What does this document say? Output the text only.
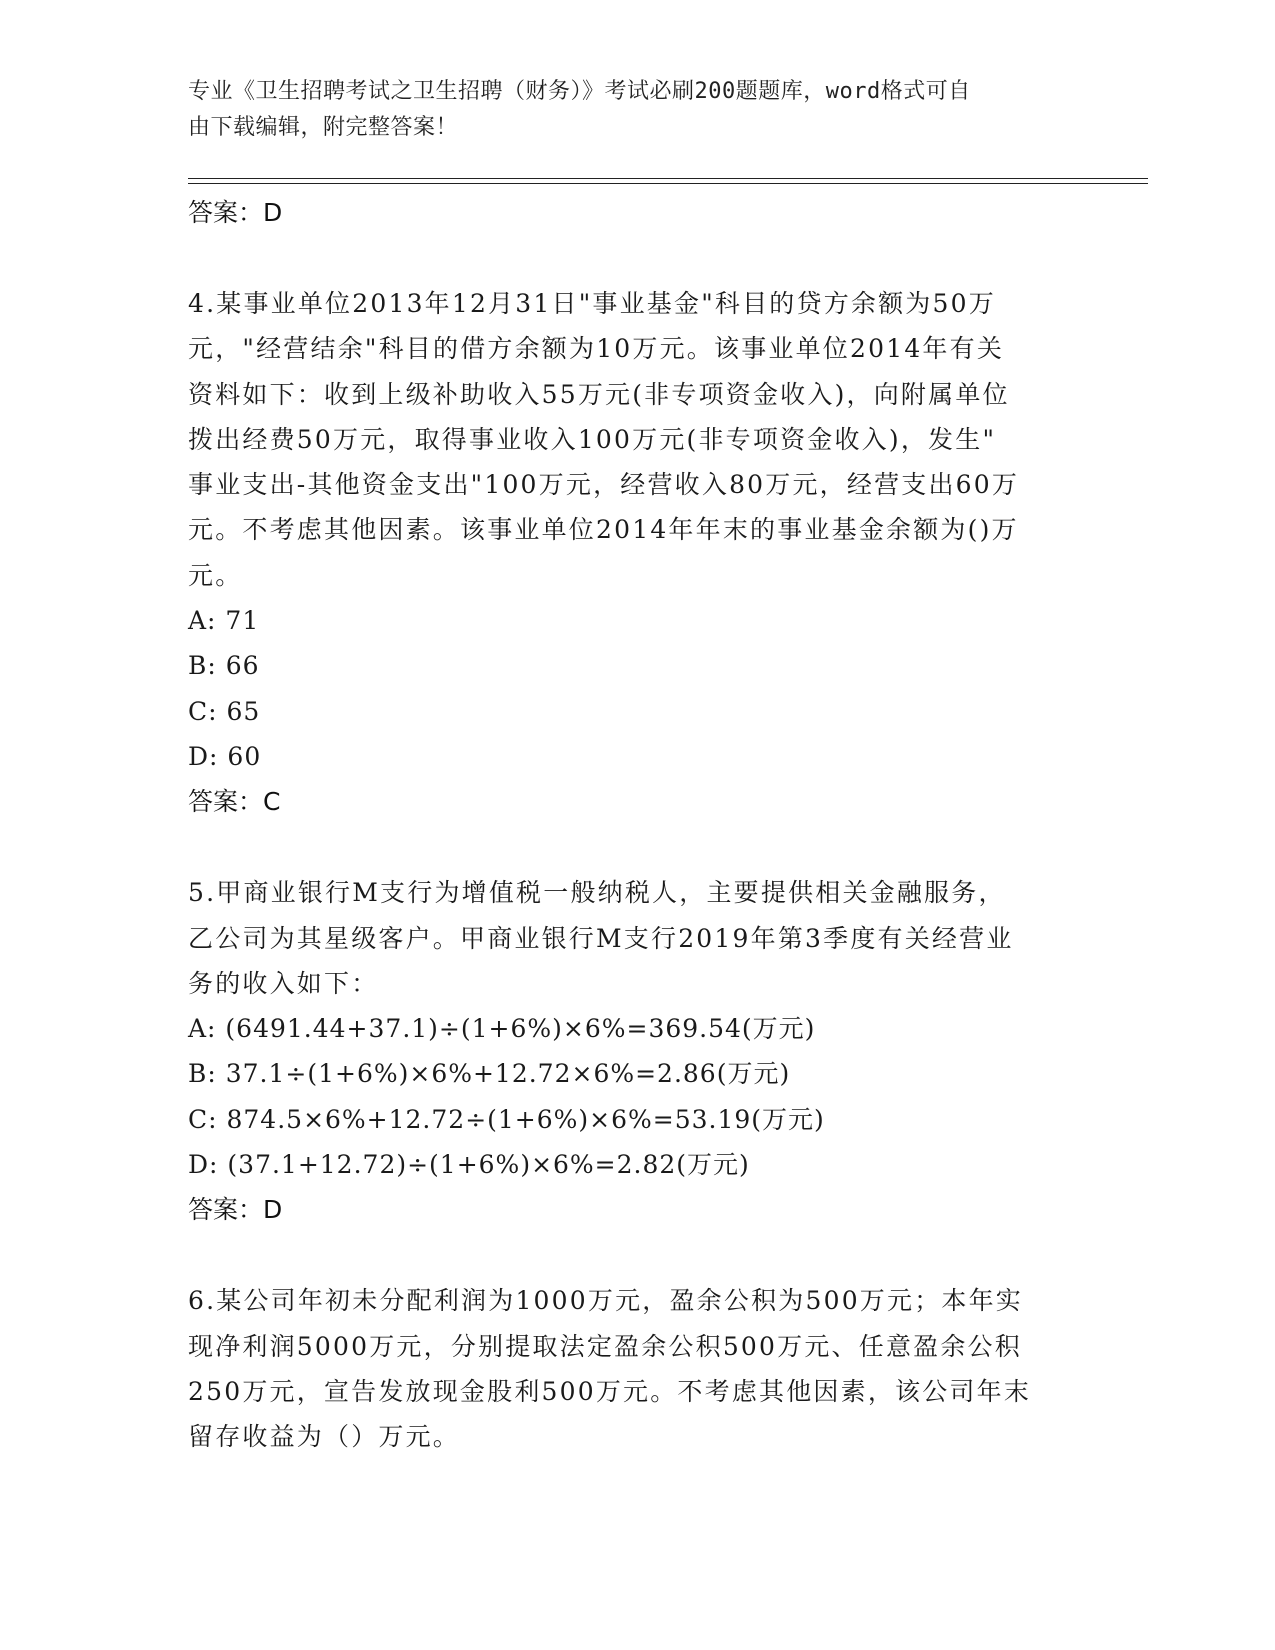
专业《卫生招聘考试之卫生招聘（财务）》考试必刷200题题库，word格式可自
由下载编辑，附完整答案！
答案：D
4.某事业单位2013年12月31日"事业基金"科目的贷方余额为50万
元，"经营结余"科目的借方余额为10万元。该事业单位2014年有关
资料如下：收到上级补助收入55万元(非专项资金收入)，向附属单位
拨出经费50万元，取得事业收入100万元(非专项资金收入)，发生"
事业支出-其他资金支出"100万元，经营收入80万元，经营支出60万
元。不考虑其他因素。该事业单位2014年年末的事业基金余额为()万
元。
A: 71
B: 66
C: 65
D: 60
答案：C
5.甲商业银行M支行为增值税一般纳税人，主要提供相关金融服务，
乙公司为其星级客户。甲商业银行M支行2019年第3季度有关经营业
务的收入如下：
A: (6491.44+37.1)÷(1+6%)×6%=369.54(万元)
B: 37.1÷(1+6%)×6%+12.72×6%=2.86(万元)
C: 874.5×6%+12.72÷(1+6%)×6%=53.19(万元)
D: (37.1+12.72)÷(1+6%)×6%=2.82(万元)
答案：D
6.某公司年初未分配利润为1000万元，盈余公积为500万元；本年实
现净利润5000万元，分别提取法定盈余公积500万元、任意盈余公积
250万元，宣告发放现金股利500万元。不考虑其他因素，该公司年末
留存收益为（）万元。
